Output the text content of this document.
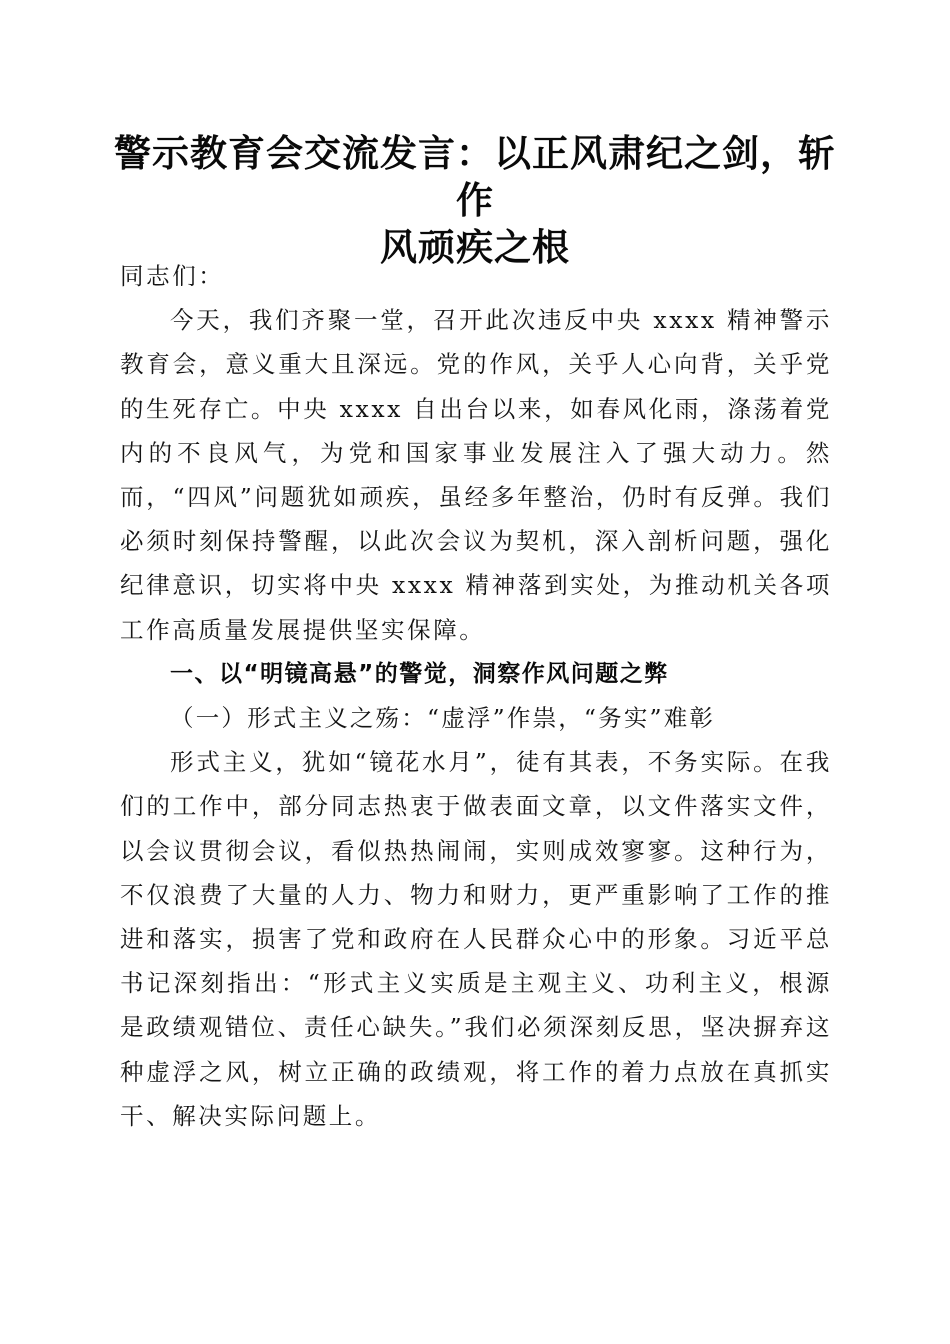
警示教育会交流发言：以正风肃纪之剑，斩作
风顽疾之根

同志们：

今天，我们齐聚一堂，召开此次违反中央 xxxx 精神警示教育会，意义重大且深远。党的作风，关乎人心向背，关乎党的生死存亡。中央 xxxx 自出台以来，如春风化雨，涤荡着党内的不良风气，为党和国家事业发展注入了强大动力。然而，“四风”问题犹如顽疾，虽经多年整治，仍时有反弹。我们必须时刻保持警醒，以此次会议为契机，深入剖析问题，强化纪律意识，切实将中央 xxxx 精神落到实处，为推动机关各项工作高质量发展提供坚实保障。

一、以“明镜高悬”的警觉，洞察作风问题之弊

（一）形式主义之殇：“虚浮”作祟，“务实”难彰

形式主义，犹如“镜花水月”，徒有其表，不务实际。在我们的工作中，部分同志热衷于做表面文章，以文件落实文件，以会议贯彻会议，看似热热闹闹，实则成效寥寥。这种行为，不仅浪费了大量的人力、物力和财力，更严重影响了工作的推进和落实，损害了党和政府在人民群众心中的形象。习近平总书记深刻指出：“形式主义实质是主观主义、功利主义，根源是政绩观错位、责任心缺失。”我们必须深刻反思，坚决摒弃这种虚浮之风，树立正确的政绩观，将工作的着力点放在真抓实干、解决实际问题上。
